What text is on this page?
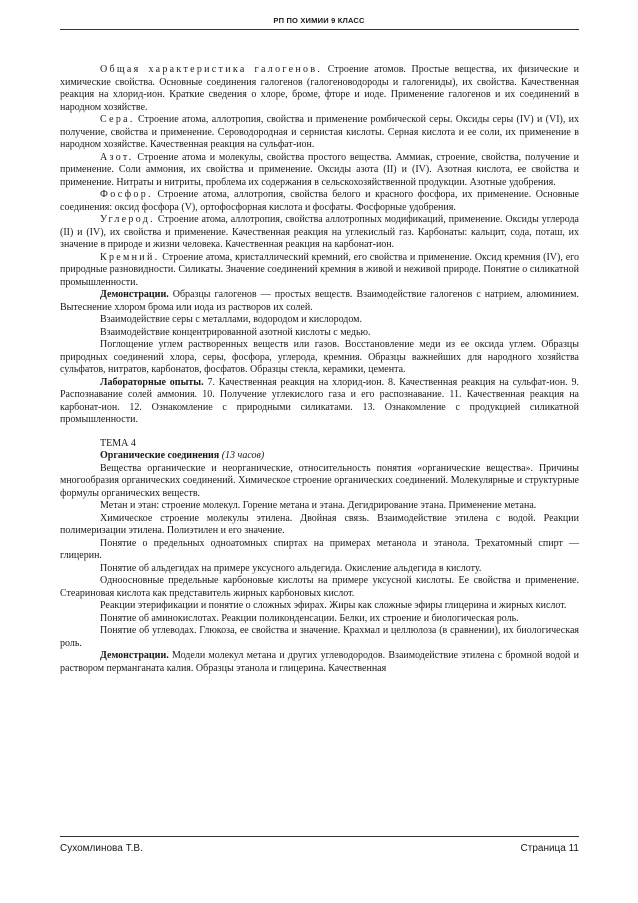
РП ПО ХИМИИ 9 КЛАСС

Общая характеристика галогенов. Строение атомов. Простые вещества, их физические и химические свойства. Основные соединения галогенов (галогеноводороды и галогениды), их свойства. Качественная реакция на хлорид-ион. Краткие сведения о хлоре, броме, фторе и иоде. Применение галогенов и их соединений в народном хозяйстве.

Сера. Строение атома, аллотропия, свойства и применение ромбической серы. Оксиды серы (IV) и (VI), их получение, свойства и применение. Сероводородная и сернистая кислоты. Серная кислота и ее соли, их применение в народном хозяйстве. Качественная реакция на сульфат-ион.

Азот. Строение атома и молекулы, свойства простого вещества. Аммиак, строение, свойства, получение и применение. Соли аммония, их свойства и применение. Оксиды азота (II) и (IV). Азотная кислота, ее свойства и применение. Нитраты и нитриты, проблема их содержания в сельскохозяйственной продукции. Азотные удобрения.

Фосфор. Строение атома, аллотропия, свойства белого и красного фосфора, их применение. Основные соединения: оксид фосфора (V), ортофосфорная кислота и фосфаты. Фосфорные удобрения.

Углерод. Строение атома, аллотропия, свойства аллотропных модификаций, применение. Оксиды углерода (II) и (IV), их свойства и применение. Качественная реакция на углекислый газ. Карбонаты: кальцит, сода, поташ, их значение в природе и жизни человека. Качественная реакция на карбонат-ион.

Кремний. Строение атома, кристаллический кремний, его свойства и применение. Оксид кремния (IV), его природные разновидности. Силикаты. Значение соединений кремния в живой и неживой природе. Понятие о силикатной промышленности.

Демонстрации. Образцы галогенов — простых веществ. Взаимодействие галогенов с натрием, алюминием. Вытеснение хлором брома или иода из растворов их солей.

Взаимодействие серы с металлами, водородом и кислородом.

Взаимодействие концентрированной азотной кислоты с медью.

Поглощение углем растворенных веществ или газов. Восстановление меди из ее оксида углем. Образцы природных соединений хлора, серы, фосфора, углерода, кремния. Образцы важнейших для народного хозяйства сульфатов, нитратов, карбонатов, фосфатов. Образцы стекла, керамики, цемента.

Лабораторные опыты. 7. Качественная реакция на хлорид-ион. 8. Качественная реакция на сульфат-ион. 9. Распознавание солей аммония. 10. Получение углекислого газа и его распознавание. 11. Качественная реакция на карбонат-ион. 12. Ознакомление с природными силикатами. 13. Ознакомление с продукцией силикатной промышленности.

ТЕМА 4

Органические соединения (13 часов)

Вещества органические и неорганические, относительность понятия «органические вещества». Причины многообразия органических соединений. Химическое строение органических соединений. Молекулярные и структурные формулы органических веществ.

Метан и этан: строение молекул. Горение метана и этана. Дегидрирование этана. Применение метана.

Химическое строение молекулы этилена. Двойная связь. Взаимодействие этилена с водой. Реакции полимеризации этилена. Полиэтилен и его значение.

Понятие о предельных одноатомных спиртах на примерах метанола и этанола. Трехатомный спирт — глицерин.

Понятие об альдегидах на примере уксусного альдегида. Окисление альдегида в кислоту.

Одноосновные предельные карбоновые кислоты на примере уксусной кислоты. Ее свойства и применение. Стеариновая кислота как представитель жирных карбоновых кислот.

Реакции этерификации и понятие о сложных эфирах. Жиры как сложные эфиры глицерина и жирных кислот.

Понятие об аминокислотах. Реакции поликонденсации. Белки, их строение и биологическая роль.

Понятие об углеводах. Глюкоза, ее свойства и значение. Крахмал и целлюлоза (в сравнении), их биологическая роль.

Демонстрации. Модели молекул метана и других углеводородов. Взаимодействие этилена с бромной водой и раствором перманганата калия. Образцы этанола и глицерина. Качественная

Сухомлинова Т.В.	Страница 11
